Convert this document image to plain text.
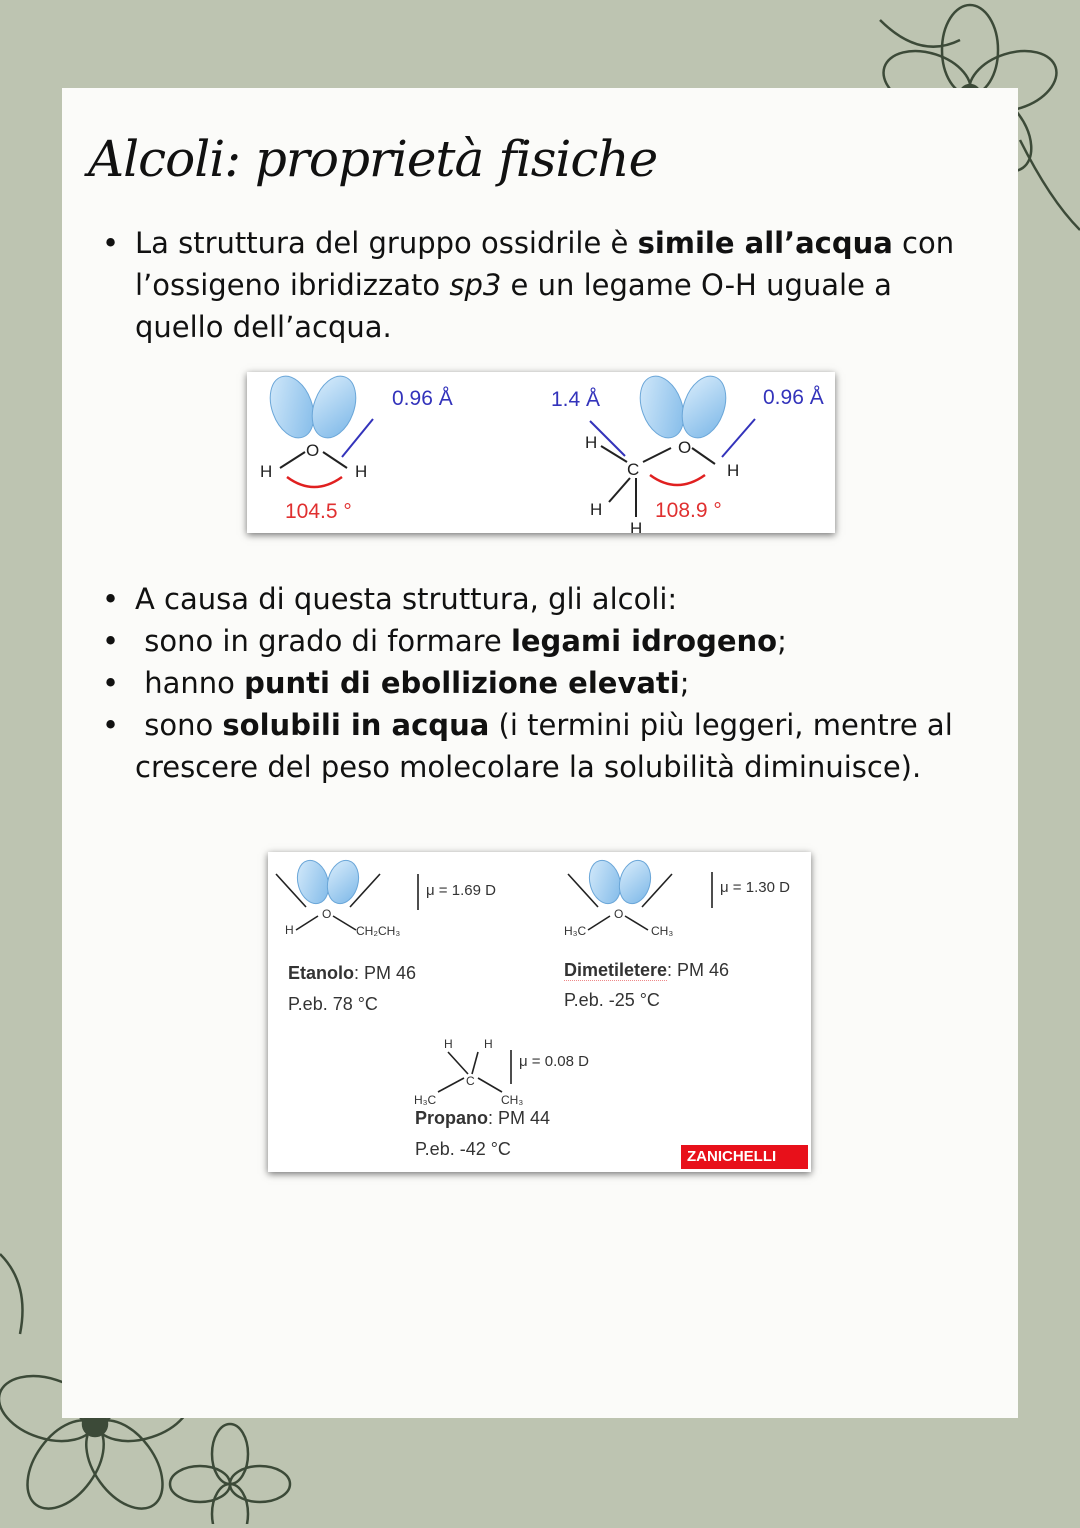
Alcoli: proprietà fisiche
• La struttura del gruppo ossidrile è simile all’acqua con l’ossigeno ibridizzato sp3 e un legame O-H uguale a quello dell’acqua.
O
H	H
H
C
O
H
H
H
0.96 Å
104.5 °
1.4 Å	0.96 Å
108.9 °
• A causa di questa struttura, gli alcoli:
• sono in grado di formare legami idrogeno;
• hanno punti di ebollizione elevati;
• sono solubili in acqua (i termini più leggeri, mentre al crescere del peso molecolare la solubilità diminuisce).
O	O
C
H	CH₂CH₃	H₃C	CH₃
H₃C	CH₃
H	H
μ = 1.69 D	μ = 1.30 D
μ = 0.08 D
Etanolo: PM 46
P.eb. 78 °C
Dimetiletere: PM 46
P.eb. -25 °C
Propano: PM 44
P.eb. -42 °C	ZANICHELLI
